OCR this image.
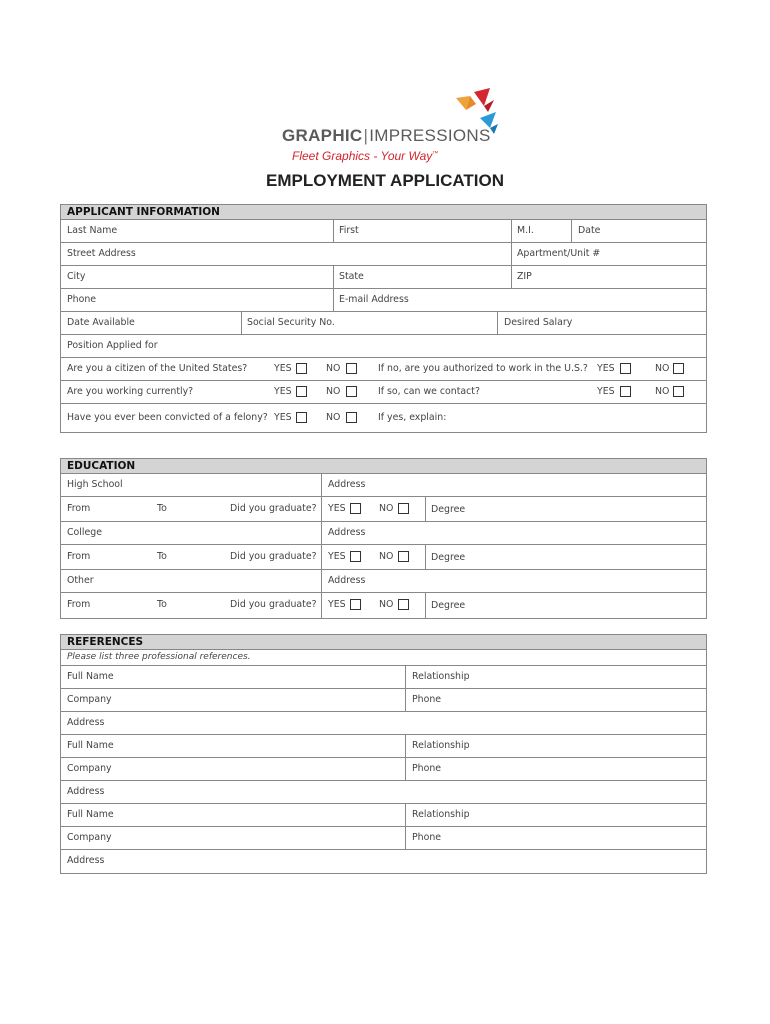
GRAPHIC|IMPRESSIONS
Fleet Graphics - Your Way™
EMPLOYMENT APPLICATION
APPLICANT INFORMATION
Last Name	First	M.I.	Date
Street Address	Apartment/Unit #
City	State	ZIP
Phone	E-mail Address
Date Available	Social Security No.	Desired Salary
Position Applied for
Are you a citizen of the United States?	YES	NO	If no, are you authorized to work in the U.S.? YES	NO
Are you working currently?	YES	NO	If so, can we contact?	YES	NO
Have you ever been convicted of a felony? YES	NO	If yes, explain:
EDUCATION
High School	Address
From	To	Did you graduate? YES	NO	Degree
College	Address
From	To	Did you graduate? YES	NO	Degree
Other	Address
From	To	Did you graduate? YES	NO	Degree
REFERENCES
Please list three professional references.
Full Name	Relationship
Company	Phone
Address
Full Name	Relationship
Company	Phone
Address
Full Name	Relationship
Company	Phone
Address
